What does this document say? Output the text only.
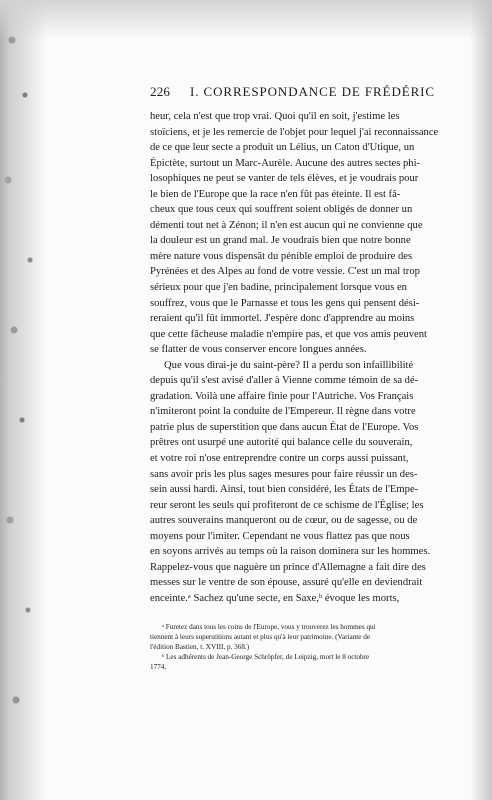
226 I. CORRESPONDANCE DE FRÉDÉRIC
heur, cela n'est que trop vrai. Quoi qu'il en soit, j'estime les
stoïciens, et je les remercie de l'objet pour lequel j'ai reconnaissance
de ce que leur secte a produit un Lélius, un Caton d'Utique, un
Épictète, surtout un Marc-Aurèle. Aucune des autres sectes phi-
losophiques ne peut se vanter de tels élèves, et je voudrais pour
le bien de l'Europe que la race n'en fût pas éteinte. Il est fâ-
cheux que tous ceux qui souffrent soient obligés de donner un
démenti tout net à Zénon; il n'en est aucun qui ne convienne que
la douleur est un grand mal. Je voudrais bien que notre bonne
mère nature vous dispensât du pénible emploi de produire des
Pyrénées et des Alpes au fond de votre vessie. C'est un mal trop
sérieux pour que j'en badine, principalement lorsque vous en
souffrez, vous que le Parnasse et tous les gens qui pensent dési-
reraient qu'il fût immortel. J'espère donc d'apprendre au moins
que cette fâcheuse maladie n'empire pas, et que vos amis peuvent
se flatter de vous conserver encore longues années.
Que vous dirai-je du saint-père? Il a perdu son infaillibilité
depuis qu'il s'est avisé d'aller à Vienne comme témoin de sa dé-
gradation. Voilà une affaire finie pour l'Autriche. Vos Français
n'imiteront point la conduite de l'Empereur. Il règne dans votre
patrie plus de superstition que dans aucun État de l'Europe. Vos
prêtres ont usurpé une autorité qui balance celle du souverain,
et votre roi n'ose entreprendre contre un corps aussi puissant,
sans avoir pris les plus sages mesures pour faire réussir un des-
sein aussi hardi. Ainsi, tout bien considéré, les États de l'Empe-
reur seront les seuls qui profiteront de ce schisme de l'Église; les
autres souverains manqueront ou de cœur, ou de sagesse, ou de
moyens pour l'imiter. Cependant ne vous flattez pas que nous
en soyons arrivés au temps où la raison dominera sur les hommes.
Rappelez-vous que naguère un prince d'Allemagne a fait dire des
messes sur le ventre de son épouse, assuré qu'elle en deviendrait
enceinte.ᵃ Sachez qu'une secte, en Saxe,ᵇ évoque les morts,
ᵃ Furetez dans tous les coins de l'Europe, vous y trouverez les hommes qui
tiennent à leurs superstitions autant et plus qu'à leur patrimoine. (Variante de
l'édition Bastien, t. XVIII, p. 368.)
ᵇ Les adhérents de Jean-George Schröpfer, de Leipzig, mort le 8 octobre
1774.
